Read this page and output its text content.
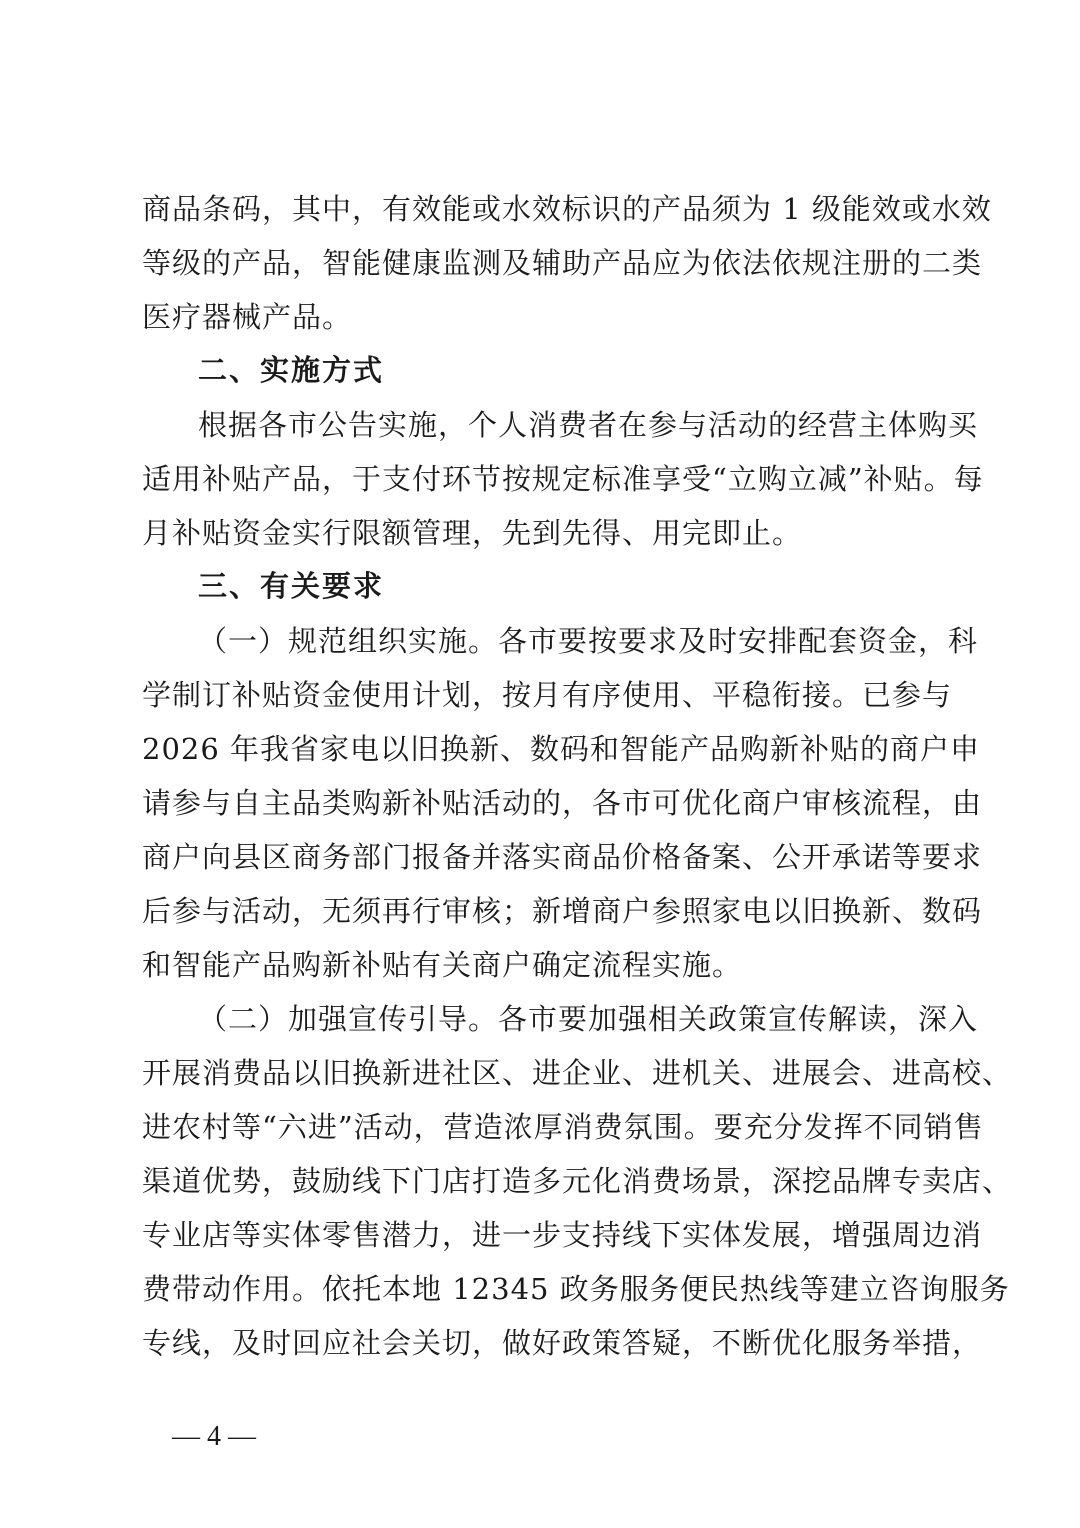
商品条码，其中，有效能或水效标识的产品须为 1 级能效或水效
等级的产品，智能健康监测及辅助产品应为依法依规注册的二类
医疗器械产品。
二、实施方式
根据各市公告实施，个人消费者在参与活动的经营主体购买
适用补贴产品，于支付环节按规定标准享受“立购立减”补贴。每
月补贴资金实行限额管理，先到先得、用完即止。
三、有关要求
（一）规范组织实施。各市要按要求及时安排配套资金，科
学制订补贴资金使用计划，按月有序使用、平稳衔接。已参与
2026 年我省家电以旧换新、数码和智能产品购新补贴的商户申
请参与自主品类购新补贴活动的，各市可优化商户审核流程，由
商户向县区商务部门报备并落实商品价格备案、公开承诺等要求
后参与活动，无须再行审核；新增商户参照家电以旧换新、数码
和智能产品购新补贴有关商户确定流程实施。
（二）加强宣传引导。各市要加强相关政策宣传解读，深入
开展消费品以旧换新进社区、进企业、进机关、进展会、进高校、
进农村等“六进”活动，营造浓厚消费氛围。要充分发挥不同销售
渠道优势，鼓励线下门店打造多元化消费场景，深挖品牌专卖店、
专业店等实体零售潜力，进一步支持线下实体发展，增强周边消
费带动作用。依托本地 12345 政务服务便民热线等建立咨询服务
专线，及时回应社会关切，做好政策答疑，不断优化服务举措，
— 4 —
